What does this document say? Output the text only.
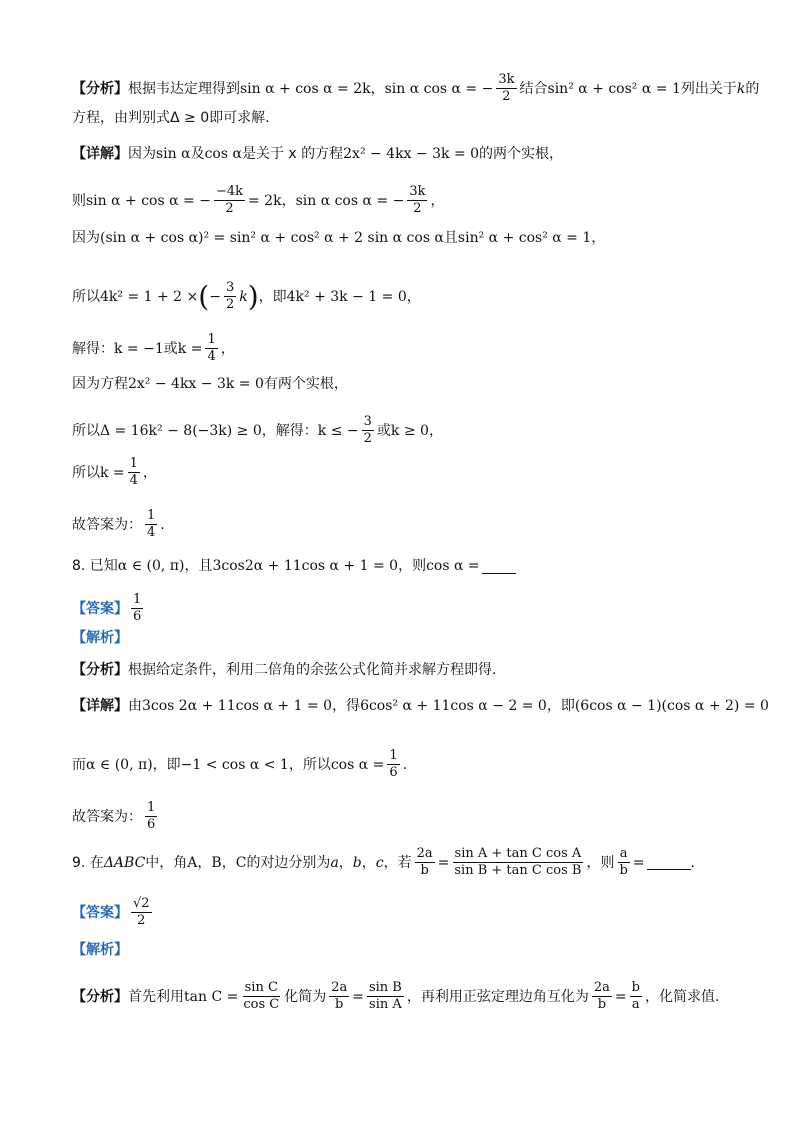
【分析】 根据韦达定理得到 sin α + cos α = 2k ， sin α cos α = − $\frac{3k}{2}$ 结合 sin² α + cos² α = 1 列出关于 k 的
方程，由判别式Δ ≥ 0即可求解.
【详解】 因为 sin α 及 cos α 是关于 x 的方程 2x² − 4kx − 3k = 0 的两个实根，
则 sin α + cos α = − $\frac{-4k}{2} = 2k$ ， sin α cos α = − $\frac{3k}{2}$ ，
因为 (sin α + cos α)² = sin² α + cos² α + 2 sin α cos α 且 sin² α + cos² α = 1 ，
所以 4k² = 1 + 2 × ( − $\frac{3}{2}$ k ) ，即 4k² + 3k − 1 = 0 ，
解得： k = −1 或 $k = \frac{1}{4}$ ，
因为方程 2x² − 4kx − 3k = 0 有两个实根，
所以 Δ = 16k² − 8(−3k) ≥ 0 ，解得： k ≤ − $\frac{3}{2}$ 或 k ≥ 0 ，
所以 $k = \frac{1}{4}$ ，
故答案为： $\frac{1}{4}$ .
8. 已知 α ∈ (0, π) ，且 3cos2α + 11cos α + 1 = 0 ，则 cos α =
【答案】 $\frac{1}{6}$
【解析】
【分析】 根据给定条件，利用二倍角的余弦公式化简并求解方程即得.
【详解】 由 3cos 2α + 11cos α + 1 = 0 ，得 6cos² α + 11cos α − 2 = 0 ，即 (6cos α − 1)(cos α + 2) = 0
而 α ∈ (0, π) ，即 −1 < cos α < 1 ，所以 $\cos \alpha = \frac{1}{6}$ .
故答案为： $\frac{1}{6}$
9. 在 ΔABC 中，角 A ， B ， C 的对边分别为 a ， b ， c ，若 $\frac{2a}{b} = \frac{\text{sin A + tan C cos A}}{\text{sin B + tan C cos B}}$ ，则 $\frac{a}{b}$ =	.
【答案】 $\frac{√2}{2}$
【解析】
【分析】 首先利用 $\tan C = \frac{\text{sin C}}{\text{cos C}}$ 化简为 $\frac{2a}{b} = \frac{\text{sin B}}{\text{sin A}}$ ，再利用正弦定理边角互化为 $\frac{2a}{b} = \frac{b}{a}$ ，化简求值.
